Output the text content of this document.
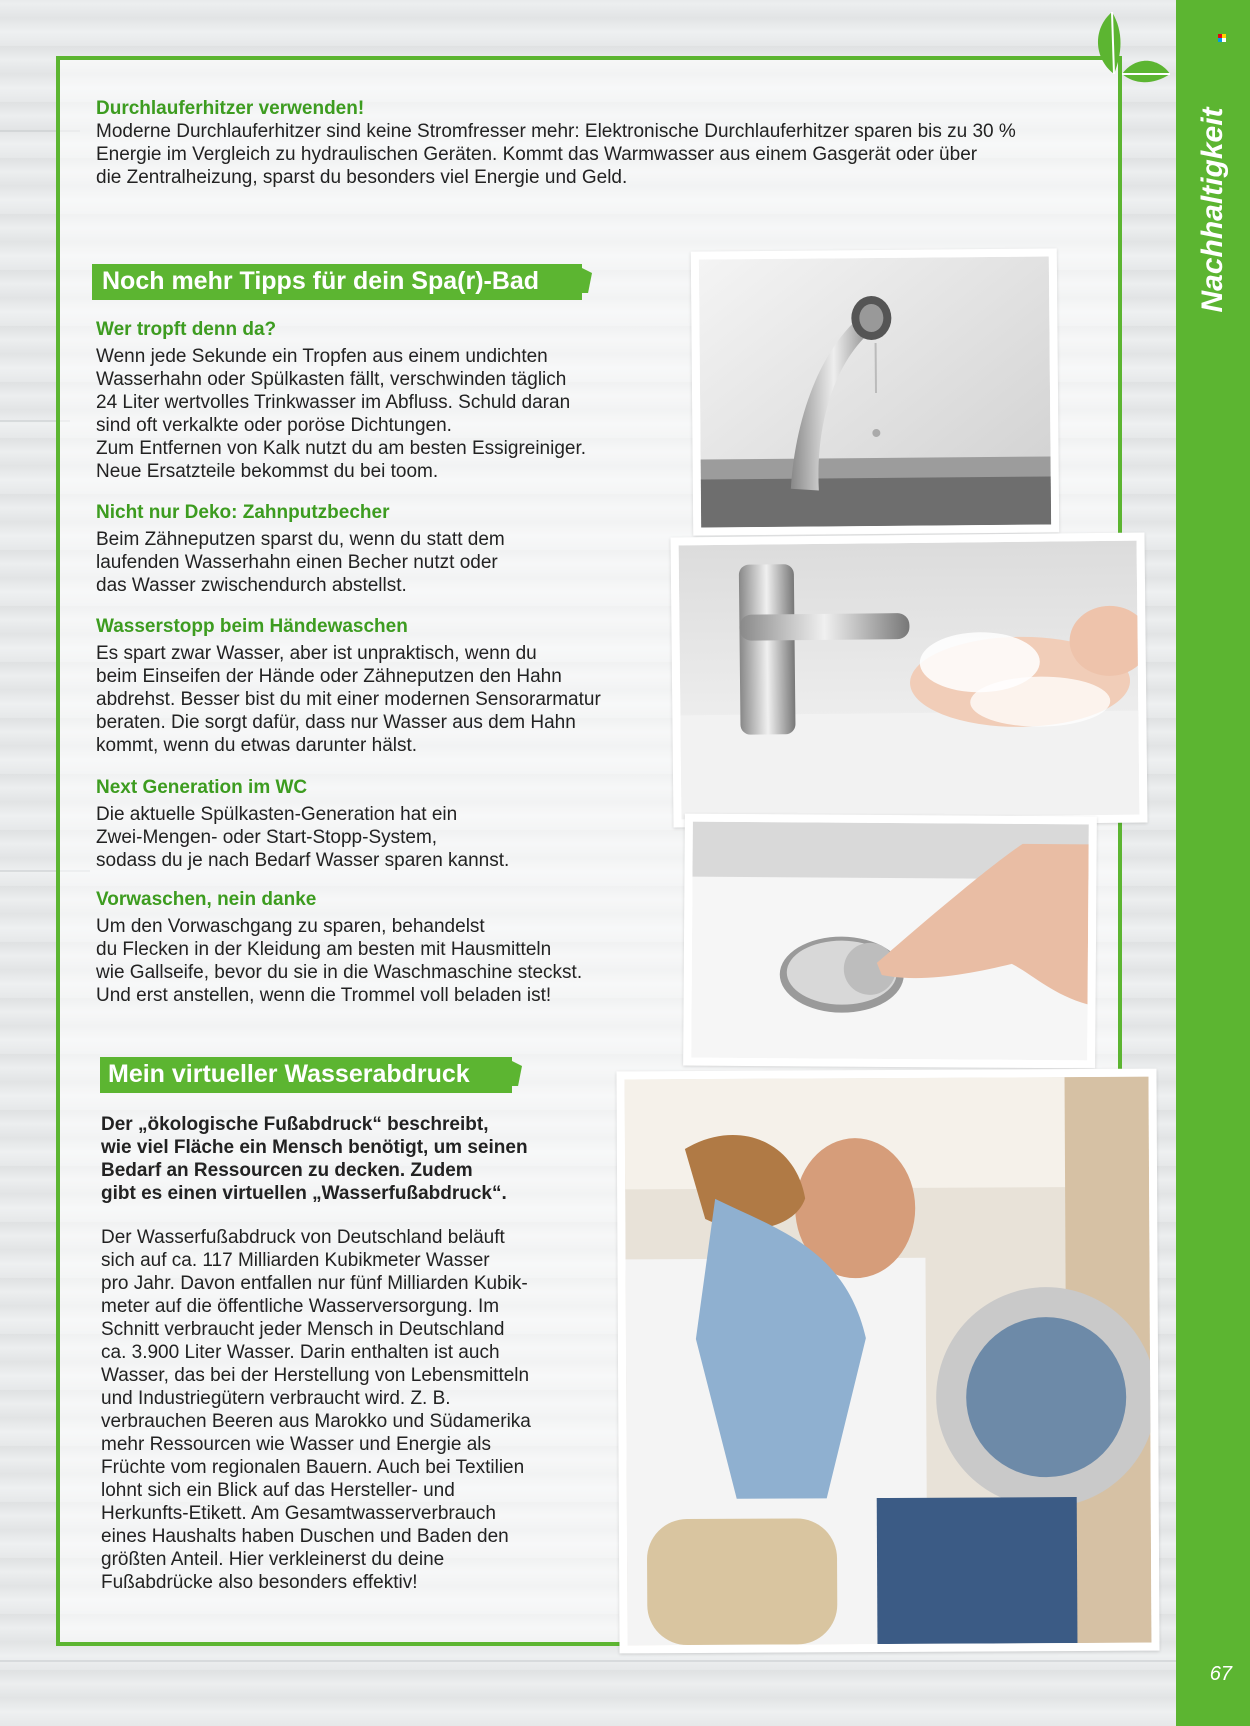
Nachhaltigkeit
67

Durchlauferhitzer verwenden!

Moderne Durchlauferhitzer sind keine Stromfresser mehr: Elektronische Durchlauferhitzer sparen bis zu 30 %

Energie im Vergleich zu hydraulischen Geräten. Kommt das Warmwasser aus einem Gasgerät oder über

die Zentralheizung, sparst du besonders viel Energie und Geld.

Noch mehr Tipps für dein Spa(r)-Bad

Wer tropft denn da?

Wenn jede Sekunde ein Tropfen aus einem undichten

Wasserhahn oder Spülkasten fällt, verschwinden täglich

24 Liter wertvolles Trinkwasser im Abfluss. Schuld daran

sind oft verkalkte oder poröse Dichtungen.

Zum Entfernen von Kalk nutzt du am besten Essigreiniger.

Neue Ersatzteile bekommst du bei toom.

Nicht nur Deko: Zahnputzbecher

Beim Zähneputzen sparst du, wenn du statt dem

laufenden Wasserhahn einen Becher nutzt oder

das Wasser zwischendurch abstellst.

Wasserstopp beim Händewaschen

Es spart zwar Wasser, aber ist unpraktisch, wenn du

beim Einseifen der Hände oder Zähneputzen den Hahn

abdrehst. Besser bist du mit einer modernen Sensorarmatur

beraten. Die sorgt dafür, dass nur Wasser aus dem Hahn

kommt, wenn du etwas darunter hälst.

Next Generation im WC

Die aktuelle Spülkasten-Generation hat ein

Zwei-Mengen- oder Start-Stopp-System,

sodass du je nach Bedarf Wasser sparen kannst.

Vorwaschen, nein danke

Um den Vorwaschgang zu sparen, behandelst

du Flecken in der Kleidung am besten mit Hausmitteln

wie Gallseife, bevor du sie in die Waschmaschine steckst.

Und erst anstellen, wenn die Trommel voll beladen ist!

Mein virtueller Wasserabdruck

Der „ökologische Fußabdruck“ beschreibt,

wie viel Fläche ein Mensch benötigt, um seinen

Bedarf an Ressourcen zu decken. Zudem

gibt es einen virtuellen „Wasserfußabdruck“.

Der Wasserfußabdruck von Deutschland beläuft

sich auf ca. 117 Milliarden Kubikmeter Wasser

pro Jahr. Davon entfallen nur fünf Milliarden Kubik-

meter auf die öffentliche Wasserversorgung. Im

Schnitt verbraucht jeder Mensch in Deutschland

ca. 3.900 Liter Wasser. Darin enthalten ist auch

Wasser, das bei der Herstellung von Lebensmitteln

und Industriegütern verbraucht wird. Z. B.

verbrauchen Beeren aus Marokko und Südamerika

mehr Ressourcen wie Wasser und Energie als

Früchte vom regionalen Bauern. Auch bei Textilien

lohnt sich ein Blick auf das Hersteller- und

Herkunfts-Etikett. Am Gesamtwasserverbrauch

eines Haushalts haben Duschen und Baden den

größten Anteil. Hier verkleinerst du deine

Fußabdrücke also besonders effektiv!
